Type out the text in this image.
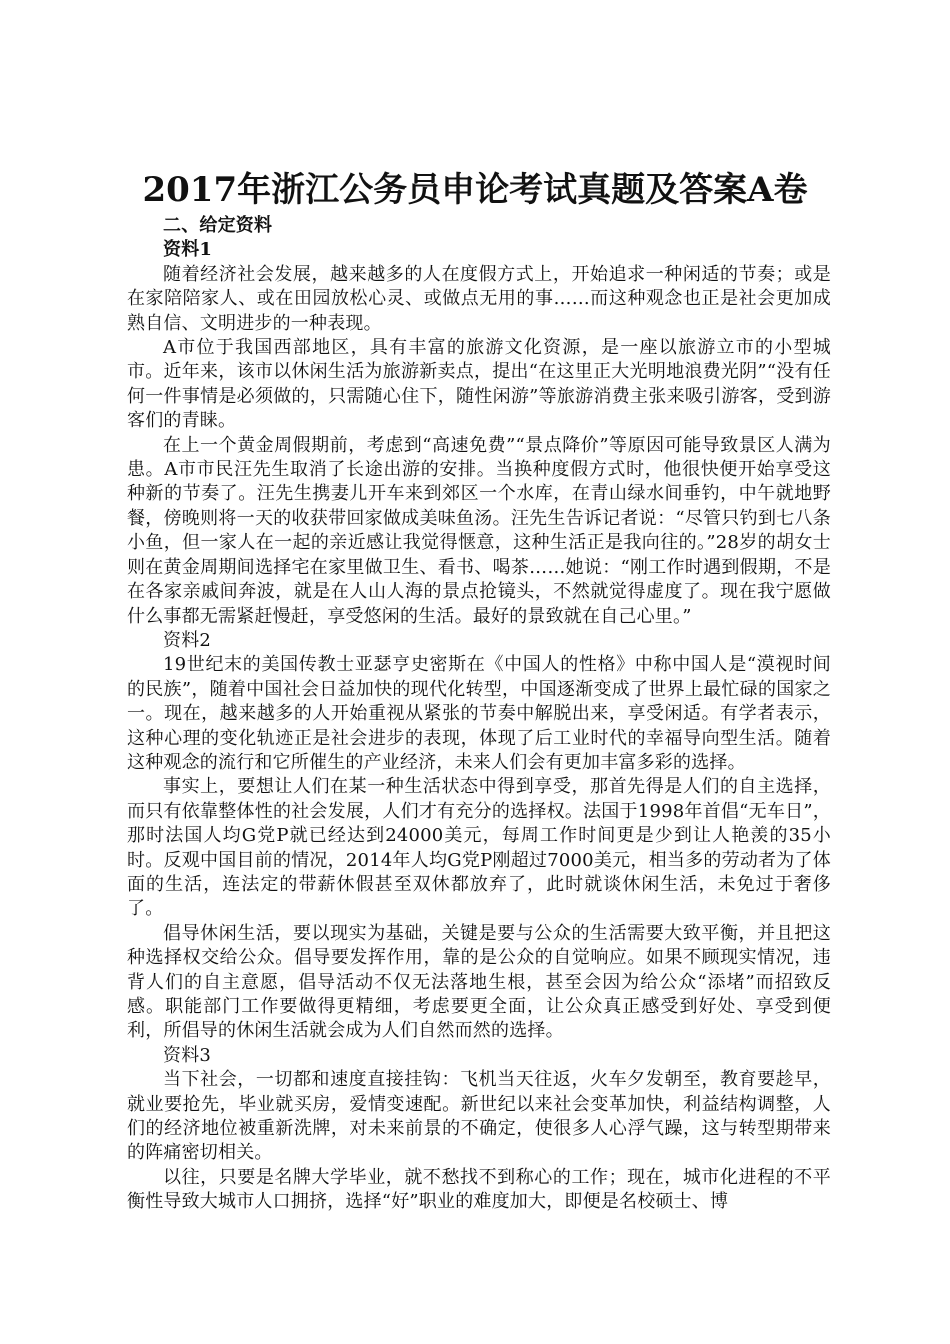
2017年浙江公务员申论考试真题及答案A卷

二、给定资料

资料1

随着经济社会发展，越来越多的人在度假方式上，开始追求一种闲适的节奏；或是在家陪陪家人、或在田园放松心灵、或做点无用的事……而这种观念也正是社会更加成熟自信、文明进步的一种表现。

A市位于我国西部地区，具有丰富的旅游文化资源，是一座以旅游立市的小型城市。近年来，该市以休闲生活为旅游新卖点，提出“在这里正大光明地浪费光阴”“没有任何一件事情是必须做的，只需随心住下，随性闲游”等旅游消费主张来吸引游客，受到游客们的青睐。

在上一个黄金周假期前，考虑到“高速免费”“景点降价”等原因可能导致景区人满为患。A市市民汪先生取消了长途出游的安排。当换种度假方式时，他很快便开始享受这种新的节奏了。汪先生携妻儿开车来到郊区一个水库，在青山绿水间垂钓，中午就地野餐，傍晚则将一天的收获带回家做成美味鱼汤。汪先生告诉记者说：“尽管只钓到七八条小鱼，但一家人在一起的亲近感让我觉得惬意，这种生活正是我向往的。”28岁的胡女士则在黄金周期间选择宅在家里做卫生、看书、喝茶……她说：“刚工作时遇到假期，不是在各家亲戚间奔波，就是在人山人海的景点抢镜头，不然就觉得虚度了。现在我宁愿做什么事都无需紧赶慢赶，享受悠闲的生活。最好的景致就在自己心里。”

资料2

19世纪末的美国传教士亚瑟亨史密斯在《中国人的性格》中称中国人是“漠视时间的民族”，随着中国社会日益加快的现代化转型，中国逐渐变成了世界上最忙碌的国家之一。现在，越来越多的人开始重视从紧张的节奏中解脱出来，享受闲适。有学者表示，这种心理的变化轨迹正是社会进步的表现，体现了后工业时代的幸福导向型生活。随着这种观念的流行和它所催生的产业经济，未来人们会有更加丰富多彩的选择。

事实上，要想让人们在某一种生活状态中得到享受，那首先得是人们的自主选择，而只有依靠整体性的社会发展，人们才有充分的选择权。法国于1998年首倡“无车日”，那时法国人均G党P就已经达到24000美元，每周工作时间更是少到让人艳羡的35小时。反观中国目前的情况，2014年人均G党P刚超过7000美元，相当多的劳动者为了体面的生活，连法定的带薪休假甚至双休都放弃了，此时就谈休闲生活，未免过于奢侈了。

倡导休闲生活，要以现实为基础，关键是要与公众的生活需要大致平衡，并且把这种选择权交给公众。倡导要发挥作用，靠的是公众的自觉响应。如果不顾现实情况，违背人们的自主意愿，倡导活动不仅无法落地生根，甚至会因为给公众“添堵”而招致反感。职能部门工作要做得更精细，考虑要更全面，让公众真正感受到好处、享受到便利，所倡导的休闲生活就会成为人们自然而然的选择。

资料3

当下社会，一切都和速度直接挂钩：飞机当天往返，火车夕发朝至，教育要趁早，就业要抢先，毕业就买房，爱情变速配。新世纪以来社会变革加快，利益结构调整，人们的经济地位被重新洗牌，对未来前景的不确定，使很多人心浮气躁，这与转型期带来的阵痛密切相关。

以往，只要是名牌大学毕业，就不愁找不到称心的工作；现在，城市化进程的不平衡性导致大城市人口拥挤，选择“好”职业的难度加大，即便是名校硕士、博
